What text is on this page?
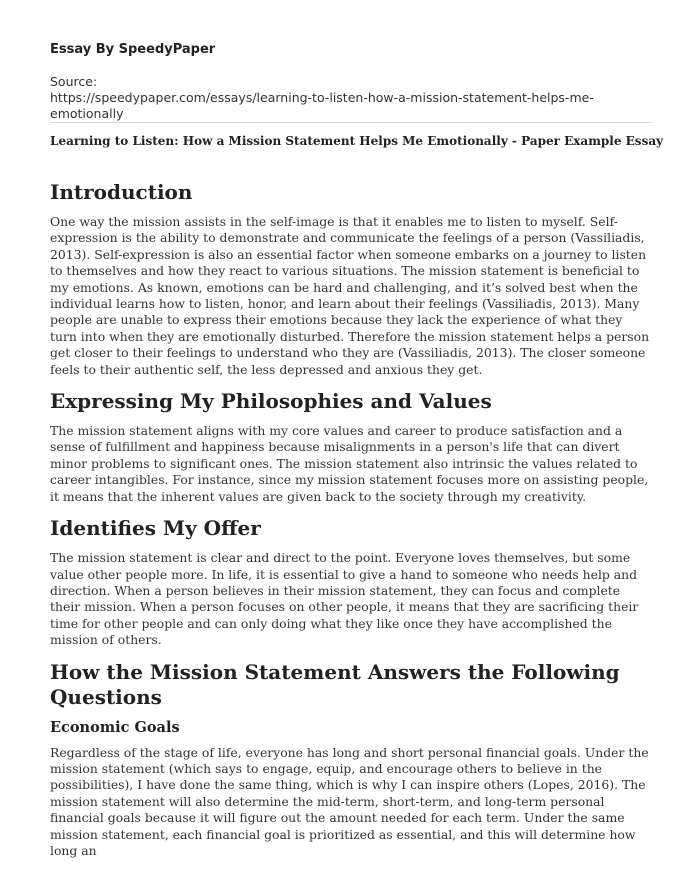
Essay By SpeedyPaper
Source:
https://speedypaper.com/essays/learning-to-listen-how-a-mission-statement-helps-me-emotionally
Learning to Listen: How a Mission Statement Helps Me Emotionally - Paper Example Essay
Introduction

One way the mission assists in the self-image is that it enables me to listen to myself. Self-expression is the ability to demonstrate and communicate the feelings of a person (Vassiliadis, 2013). Self-expression is also an essential factor when someone embarks on a journey to listen to themselves and how they react to various situations. The mission statement is beneficial to my emotions. As known, emotions can be hard and challenging, and it’s solved best when the individual learns how to listen, honor, and learn about their feelings (Vassiliadis, 2013). Many people are unable to express their emotions because they lack the experience of what they turn into when they are emotionally disturbed. Therefore the mission statement helps a person get closer to their feelings to understand who they are (Vassiliadis, 2013). The closer someone feels to their authentic self, the less depressed and anxious they get.

Expressing My Philosophies and Values

The mission statement aligns with my core values and career to produce satisfaction and a sense of fulfillment and happiness because misalignments in a person's life that can divert minor problems to significant ones. The mission statement also intrinsic the values related to career intangibles. For instance, since my mission statement focuses more on assisting people, it means that the inherent values are given back to the society through my creativity.

Identifies My Offer

The mission statement is clear and direct to the point. Everyone loves themselves, but some value other people more. In life, it is essential to give a hand to someone who needs help and direction. When a person believes in their mission statement, they can focus and complete their mission. When a person focuses on other people, it means that they are sacrificing their time for other people and can only doing what they like once they have accomplished the mission of others.

How the Mission Statement Answers the Following Questions
Economic Goals

Regardless of the stage of life, everyone has long and short personal financial goals. Under the mission statement (which says to engage, equip, and encourage others to believe in the possibilities), I have done the same thing, which is why I can inspire others (Lopes, 2016). The mission statement will also determine the mid-term, short-term, and long-term personal financial goals because it will figure out the amount needed for each term. Under the same mission statement, each financial goal is prioritized as essential, and this will determine how long an
